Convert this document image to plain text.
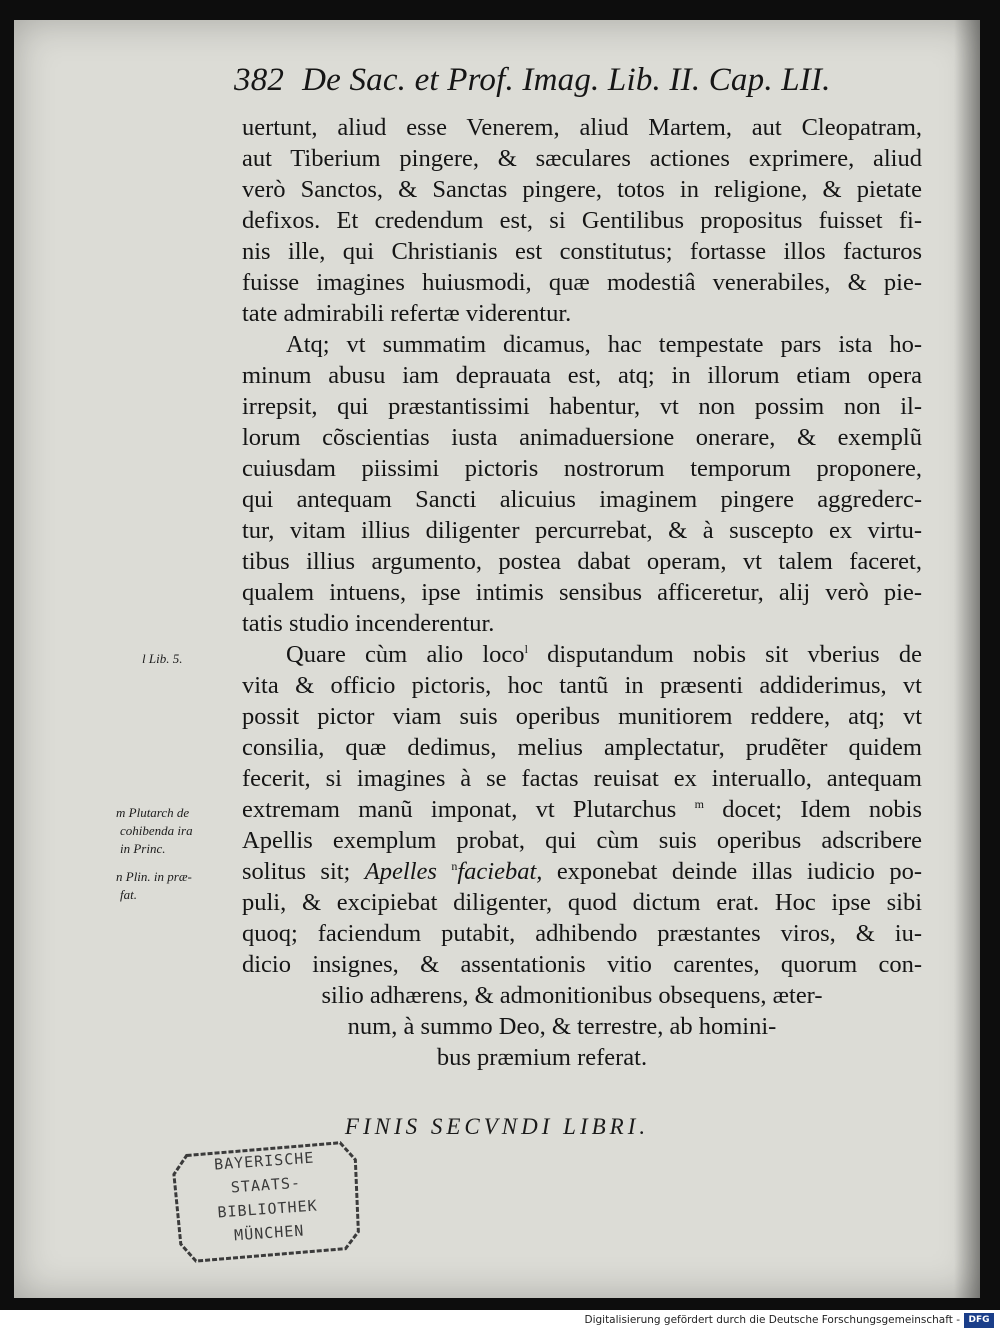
382 De Sac. et Prof. Imag. Lib. II. Cap. LII.
uertunt, aliud esse Venerem, aliud Martem, aut Cleopatram,
aut Tiberium pingere, & sæculares actiones exprimere, aliud
verò Sanctos, & Sanctas pingere, totos in religione, & pietate
defixos. Et credendum est, si Gentilibus propositus fuisset fi-
nis ille, qui Christianis est constitutus; fortasse illos facturos
fuisse imagines huiusmodi, quæ modestiâ venerabiles, & pie-
tate admirabili refertæ viderentur.
Atq; vt summatim dicamus, hac tempestate pars ista ho-
minum abusu iam deprauata est, atq; in illorum etiam opera
irrepsit, qui præstantissimi habentur, vt non possim non il-
lorum cõscientias iusta animaduersione onerare, & exemplũ
cuiusdam piissimi pictoris nostrorum temporum proponere,
qui antequam Sancti alicuius imaginem pingere aggrederc-
tur, vitam illius diligenter percurrebat, & à suscepto ex virtu-
tibus illius argumento, postea dabat operam, vt talem faceret,
qualem intuens, ipse intimis sensibus afficeretur, alij verò pie-
tatis studio incenderentur.
Quare cùm alio loco$^l$ disputandum nobis sit vberius de
vita & officio pictoris, hoc tantũ in præsenti addiderimus, vt
possit pictor viam suis operibus munitiorem reddere, atq; vt
consilia, quæ dedimus, melius amplectatur, prudẽter quidem
fecerit, si imagines à se factas reuisat ex interuallo, antequam
extremam manũ imponat, vt Plutarchus $^m$ docet; Idem nobis
Apellis exemplum probat, qui cùm suis operibus adscribere
solitus sit; Apelles $^n$faciebat, exponebat deinde illas iudicio po-
puli, & excipiebat diligenter, quod dictum erat. Hoc ipse sibi
quoq; faciendum putabit, adhibendo præstantes viros, & iu-
dicio insignes, & assentationis vitio carentes, quorum con-
silio adhærens, & admonitionibus obsequens, æter-
num, à summo Deo, & terrestre, ab homini-
bus præmium referat.
l Lib. 5.
m Plutarch de
cohibenda ira
in Princ.
n Plin. in præ-
fat.
FINIS SECVNDI LIBRI.
BAYERISCHE
STAATS-
BIBLIOTHEK
MÜNCHEN
Digitalisierung gefördert durch die Deutsche Forschungsgemeinschaft - DFG
